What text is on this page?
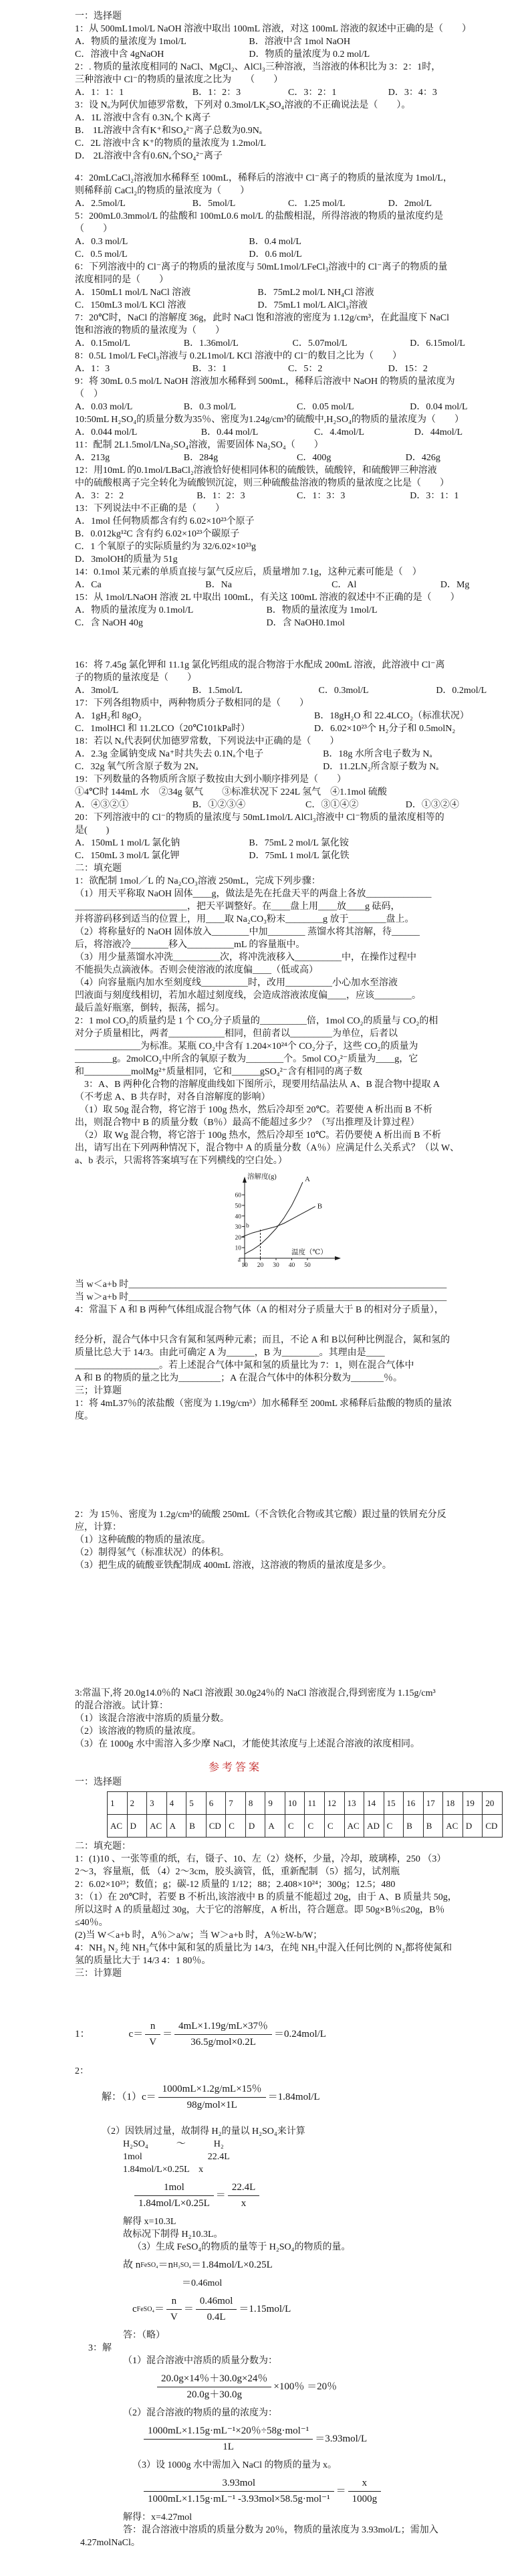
一：选择题
1：从 500mL1mol/L NaOH 溶液中取出 100mL 溶液，对这 100mL 溶液的叙述中正确的是（　　）
A．物质的量浓度为 1mol/L	B．溶液中含 1mol NaOH
C．溶液中含 4gNaOH	D．物质的量浓度为 0.2 mol/L
2：. 物质的量浓度相同的 NaCl、MgCl₂、AlCl₃三种溶液，当溶液的体积比为 3：2：1时，
三种溶液中 Cl⁻的物质的量浓度之比为　　（　　）
A．1：1：1	B．1：2：3	C．3：2：1	D．3：4：3
3：设 Nₐ为阿伏加德罗常数，下列对 0.3mol/LK₂SO₄溶液的不正确说法是（　　）。
A．1L 溶液中含有 0.3Nₐ个 K离子
B． 1L溶液中含有K⁺和SO₄²⁻离子总数为0.9Nₐ
C．2L 溶液中含 K⁺的物质的量浓度为 1.2mol/L
D． 2L溶液中含有0.6Nₐ个SO₄²⁻离子
4：20mLCaCl₂溶液加水稀释至 100mL，稀释后的溶液中 Cl⁻离子的物质的量浓度为 1mol/L，
则稀释前 CaCl₂的物质的量浓度为（　　）
A．2.5mol/L	B．5mol/L	C．1.25 mol/L	D．2mol/L
5：200mL0.3mmol/L 的盐酸和 100mL0.6 mol/L 的盐酸相混，所得溶液的物质的量浓度约是
（　　）
A．0.3 mol/L	B．0.4 mol/L
C．0.5 mol/L	D．0.6 mol/L
6：下列溶液中的 Cl⁻离子的物质的量浓度与 50mL1mol/LFeCl₃溶液中的 Cl⁻离子的物质的量
浓度相同的是（　　）
A．150mL1 mol/L NaCl 溶液	B．75mL2 mol/L NH₄Cl 溶液
C．150mL3 mol/L KCl 溶液	D．75mL1 mol/L AlCl₃溶液
7：20℃时，NaCl 的溶解度 36g，此时 NaCl 饱和溶液的密度为 1.12g/cm³，在此温度下 NaCl
饱和溶液的物质的量浓度为（　　）
A．0.15mol/L	B．1.36mol/L	C．5.07mol/L	D．6.15mol/L
8：0.5L 1mol/L FeCl₃溶液与 0.2L1mol/L KCl 溶液中的 Cl⁻的数目之比为（　　）
A．1：3	B．3：1	C．5：2	D．15：2
9：将 30mL 0.5 mol/L NaOH 溶液加水稀释到 500mL，稀释后溶液中 NaOH 的物质的量浓度为
（　）
A．0.03 mol/L	B．0.3 mol/L	C．0.05 mol/L	D．0.04 mol/L
10:50mL H₂SO₄的质量分数为35％、密度为1.24g/cm³的硫酸中,H₂SO₄的物质的量浓度为（　　）
A．0.044 mol/L	B．0.44 mol/L	C．4.4mol/L	D．44mol/L
11：配制 2L1.5mol/LNa₂SO₄溶液，需要固体 Na₂SO₄（　　）
A．213g	B．284g	C．400g	D．426g
12：用10mL 的0.1mol/LBaCl₂溶液恰好使相同体积的硫酸铁，硫酸锌，和硫酸钾三种溶液
中的硫酸根离子完全转化为硫酸钡沉淀，则三种硫酸盐溶液的物质的量浓度之比是（　　）
A．3：2：2	B．1：2：3	C．1：3：3	D．3：1：1
13：下列说法中不正确的是（　　）
A．1mol 任何物质都含有约 6.02×10²³个原子
B．0.012kg¹²C 含有约 6.02×10²³个碳原子
C．1 个氧原子的实际质量约为 32/6.02×10²³g
D．3molOH的质量为 51g
14：0.1mol 某元素的单质直接与氯气反应后，质量增加 7.1g，这种元素可能是（　）
A．Ca	B．Na	C．Al	D．Mg
15：从 1mol/LNaOH 溶液 2L 中取出 100mL，有关这 100mL 溶液的叙述中不正确的是（　　）
A．物质的量浓度为 0.1mol/L	B．物质的量浓度为 1mol/L
C．含 NaOH 40g	D．含 NaOH0.1mol
16：将 7.45g 氯化钾和 11.1g 氯化钙组成的混合物溶于水配成 200mL 溶液，此溶液中 Cl⁻离
子的物质的量浓度是（　　）
A．3mol/L	B．1.5mol/L	C．0.3mol/L	D．0.2mol/L
17：下列各组物质中，两种物质分子数相同的是（　　）
A．1gH₂和 8gO₂	B．18gH₂O 和 22.4LCO₂（标准状况）
C．1molHCl 和 11.2LCO（20℃101kPa时）	D．6.02×10²³个 H₂分子和 0.5molN₂
18：若以 Nₐ代表阿伏加德罗常数，下列说法中正确的是（　　）
A．2.3g 金属钠变成 Na⁺时共失去 0.1Nₐ个电子	B．18g 水所含电子数为 Nₐ
C．32g 氧气所含原子数为 2Nₐ	D．11.2LN₂所含原子数为 Nₐ
19：下列数量的各物质所含原子数按由大到小顺序排列是（　　）
①4℃时 144mL 水　②34g 氨气　　③标准状况下 224L 氢气　④1.1mol 硫酸
A．④③②①	B．①②③④	C．③①④②	D．①③②④
20：下列溶液中的 Cl⁻的物质的量浓度与 50mL1mol/L AlCl₃溶液中 Cl⁻物质的量浓度相等的
是(　　)
A．150mL 1 mol/L 氯化钠	B．75mL 2 mol/L 氯化铵
C．150mL 3 mol/L 氯化钾	D．75mL 1 mol/L 氯化铁
二：填充题
1：欲配制 1mol／L 的 Na₂CO₃溶液 250mL，完成下列步骤：
（1）用天平称取 NaOH 固体____g，做法是先在托盘天平的两盘上各放______________
________________________，把天平调整好。在____盘上用____放____g 砝码，
并将游码移到适当的位置上，用____取 Na₂CO₃粉末________g 放于________盘上。
（2）将称量好的 NaOH 固体放入________中加________ 蒸馏水将其溶解，待______
后，将溶液冷________移入__________mL 的容量瓶中。
（3）用少量蒸馏水冲洗__________次，将冲洗液移入__________中，在操作过程中
不能损失点滴液体。否则会使溶液的浓度偏____（低或高）
（4）向容量瓶内加水至刻度线__________时，改用__________小心加水至溶液
凹液面与刻度线相切，若加水超过刻度线，会造成溶液浓度偏____，应该________。
最后盖好瓶塞，倒转，振荡，摇匀。
2：1 mol CO₂的质量约是 1 个 CO₂分子质量的__________倍，1mol CO₂的质量与 CO₂的相
对分子质量相比，两者____________相同，但前者以_________为单位，后者以
______________为标准。某瓶 CO₂中含有 1.204×10²⁴个 CO₂分子，这些 CO₂的质量为
________g。2molCO₂中所含的氧原子数为________个。5mol CO₃²⁻质量为____g，它
和__________molMg²⁺质量相同，它和______gSO₄²⁻含有相同的离子数
　3：A、B 两种化合物的溶解度曲线如下图所示，现要用结晶法从 A、B 混合物中提取 A
（不考虑 A、B 共存时，对各自溶解度的影响）
　（1）取 50g 混合物，将它溶于 100g 热水，然后冷却至 20℃。若要使 A 析出而 B 不析
出，则混合物中 B 的质量分数（B％）最高不能超过多少？（写出推理及计算过程）
　（2）取 Wg 混合物，将它溶于 100g 热水，然后冷却至 10℃。若仍要使 A 析出而 B 不析
出，请写出在下列两种情况下，混合物中 A 的质量分数（A％）应满足什么关系式？（以 W、
a、b 表示，只需将答案填写在下列横线的空白处。）
10
20
30
40
50
60
10 20 30 40 50
溶解度(g)
温度（℃）
A
B
a
b
当 w＜a+b 时____________________________________________________________________
当 w＞a+b 时____________________________________________________________________
4：常温下 A 和 B 两种气体组成混合物气体（A 的相对分子质量大于 B 的相对分子质量），
经分析，混合气体中只含有氮和氢两种元素；而且，不论 A 和 B以何种比例混合，氮和氢的
质量比总大于 14/3。由此可确定 A 为______，B 为________。其理由是____
__________________。若上述混合气体中氮和氢的质量比为 7：1，则在混合气体中
A 和 B 的物质的量之比为_________；A 在混合气体中的体积分数为_______％。
三；计算题
1：将 4mL37％的浓盐酸（密度为 1.19g/cm³）加水稀释至 200mL 求稀释后盐酸的物质的量浓
度。
2：为 15％、密度为 1.2g/cm³的硫酸 250mL（不含铁化合物或其它酸）跟过量的铁屑充分反
应，计算：
（1）这种硫酸的物质的量浓度。
（2）制得氢气（标准状况）的体积。
（3）把生成的硫酸亚铁配制成 400mL 溶液，这溶液的物质的量浓度是多少。
3:常温下,将 20.0g14.0％的 NaCl 溶液跟 30.0g24％的 NaCl 溶液混合,得到密度为 1.15g/cm³
的混合溶液。试计算：
（1）该混合溶液中溶质的质量分数。
（2）该溶液的物质的量浓度。
（3）在 1000g 水中需溶入多少摩 NaCl，才能使其浓度与上述混合溶液的浓度相同。
参考答案
一：选择题
1	2	3	4	5	6	7	8	9	10	11	12	13	14	15	16	17	18	19	20
AC	D	AC	A	B	CD	C	D	A	C	C	C	AC	AD	C	B	B	AC	D	CD
二：填充题：
1：(1)10 、一张等重的纸，右，镊子、10、左（2）烧杯，少量，冷却，玻璃棒，250 （3）
2～3，容量瓶，低 （4）2～3cm，胶头滴管，低，重新配制 （5）摇匀，试剂瓶
2：6.02×10²³；数值；g；碳-12 质量的 1/12；88；2.408×10²⁴；300g；12.5；480
3：（1）在 20℃时，若要 B 不析出,该溶液中 B 的质量不能超过 20g，由于 A、B 质量共 50g，
所以这时 A 的质量超过 30g，大于它的溶解度，A 析出，符合题意。即 50g×B％≤20g，B％
≤40％。
(2)当 W＜a+b 时，A％＞a/w；当 W＞a+b 时，A％≥W-b/W；
4：NH₃ N₂ 纯 NH₃气体中氮和氢的质量比为 14/3，在纯 NH₃中混入任何比例的 N₂都将使氮和
氢的质量比大于 14/3 4：1 80％。
三：计算题
1：	$c= \frac{n}{V} = \frac{4mL\times 1.19g/mL\times 37\%}{\text{36.5g/mol×0.2L}} =0.24mol/L$
2：
解：$(1)c= \frac{1000mL\times 1.2g/mL\times 15\%}{\text{98g/mol×1L}} =1.84mol/L$
（2）因铁屑过量，故制得 H₂的量以 H₂SO₄来计算
H₂SO₄　　　～　　　H₂
1mol　　　　　　　22.4L
1.84mol/L×0.25L　x
$\frac{\text{1mol}}{\text{1.84mol/L×0.25L}} = \frac{22.4L}{x}$
解得 x=10.3L
故标况下制得 H₂10.3L。
（3）生成 FeSO₄的物质的量等于 H₂SO₄的物质的量。
故 n FeSO₄ ＝n H₂SO₄ ＝1.84mol/L×0.25L
＝0.46mol
c FeSO₄ ＝ $\frac{n}{V} = \frac{\text{0.46mol}}{0.4L} =1.15mol/L$
答：（略）
3：解
（1）混合溶液中溶质的质量分数为：
$\frac{20.0g\times 14\%+30.0g\times 24\%}{20.0g+30.0g} \times 100$％ ＝20％
（2）混合溶液的物质的量的浓度为：
$\frac{\text{1000mL×1.15g·mL⁻¹×20％÷58g·mol⁻¹}}{1L} =3.93mol/L$
（3）设 1000g 水中需加入 NaCl 的物质的量为 x。
$\frac{\text{3.93mol}}{\text{1000mL×1.15g·mL⁻¹ -3.93mol×58.5g·mol⁻¹}} = \frac{x}{1000g}$
解得：x=4.27mol
答：混合溶液中溶质的质量分数为 20％，物质的量浓度为 3.93mol/L；需加入
4.27molNaCl。
